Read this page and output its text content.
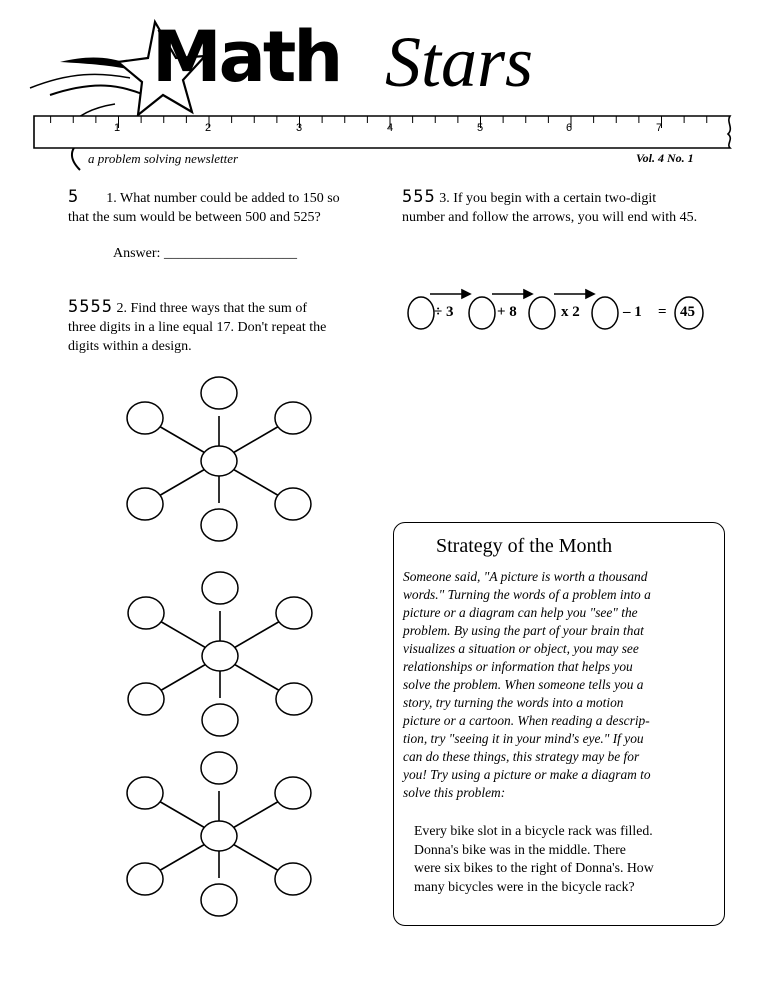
Math Stars
1	2	3	4	5	6	7
a problem solving newsletter	Vol. 4 No. 1
5 1. What number could be added to 150 so
that the sum would be between 500 and 525?
Answer: ___________________
5555 2. Find three ways that the sum of
three digits in a line equal 17. Don't repeat the
digits within a design.
555 3. If you begin with a certain two-digit
number and follow the arrows, you will end with 45.
÷ 3	+ 8	x 2	– 1 = 45
Strategy of the Month
Someone said, "A picture is worth a thousand
words." Turning the words of a problem into a
picture or a diagram can help you "see" the
problem. By using the part of your brain that
visualizes a situation or object, you may see
relationships or information that helps you
solve the problem. When someone tells you a
story, try turning the words into a motion
picture or a cartoon. When reading a descrip-
tion, try "seeing it in your mind's eye." If you
can do these things, this strategy may be for
you! Try using a picture or make a diagram to
solve this problem:
Every bike slot in a bicycle rack was filled.
Donna's bike was in the middle. There
were six bikes to the right of Donna's. How
many bicycles were in the bicycle rack?
